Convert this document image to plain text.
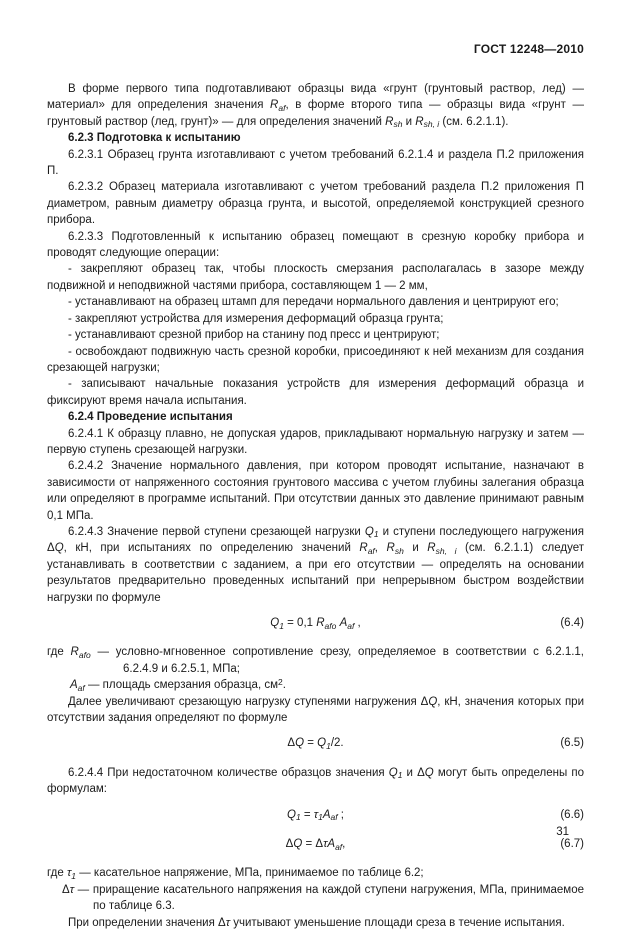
ГОСТ 12248—2010
В форме первого типа подготавливают образцы вида «грунт (грунтовый раствор, лед) — материал» для определения значения $R_{af}$, в форме второго типа — образцы вида «грунт — грунтовый раствор (лед, грунт)» — для определения значений $R_{sh}$ и $R_{sh, i}$ (см. 6.2.1.1).
6.2.3 Подготовка к испытанию
6.2.3.1 Образец грунта изготавливают с учетом требований 6.2.1.4 и раздела П.2 приложения П.
6.2.3.2 Образец материала изготавливают с учетом требований раздела П.2 приложения П диаметром, равным диаметру образца грунта, и высотой, определяемой конструкцией срезного прибора.
6.2.3.3 Подготовленный к испытанию образец помещают в срезную коробку прибора и проводят следующие операции:
- закрепляют образец так, чтобы плоскость смерзания располагалась в зазоре между подвижной и неподвижной частями прибора, составляющем 1 — 2 мм,
- устанавливают на образец штамп для передачи нормального давления и центрируют его;
- закрепляют устройства для измерения деформаций образца грунта;
- устанавливают срезной прибор на станину под пресс и центрируют;
- освобождают подвижную часть срезной коробки, присоединяют к ней механизм для создания срезающей нагрузки;
- записывают начальные показания устройств для измерения деформаций образца и фиксируют время начала испытания.
6.2.4 Проведение испытания
6.2.4.1 К образцу плавно, не допуская ударов, прикладывают нормальную нагрузку и затем — первую ступень срезающей нагрузки.
6.2.4.2 Значение нормального давления, при котором проводят испытание, назначают в зависимости от напряженного состояния грунтового массива с учетом глубины залегания образца или определяют в программе испытаний. При отсутствии данных это давление принимают равным 0,1 МПа.
6.2.4.3 Значение первой ступени срезающей нагрузки $Q_1$ и ступени последующего нагружения ΔQ, кН, при испытаниях по определению значений $R_{af}$, $R_{sh}$ и $R_{sh, i}$ (см. 6.2.1.1) следует устанавливать в соответствии с заданием, а при его отсутствии — определять на основании результатов предварительно проведенных испытаний при непрерывном быстром воздействии нагрузки по формуле
$Q_1 = 0,1$ $R_{afo}$ $A_{af}$ ,	(6.4)
где $R_{afo}$ — условно-мгновенное сопротивление срезу, определяемое в соответствии с 6.2.1.1, 6.2.4.9 и 6.2.5.1, МПа;
$A_{af}$ — площадь смерзания образца, $см^2$.
Далее увеличивают срезающую нагрузку ступенями нагружения ΔQ, кН, значения которых при отсутствии задания определяют по формуле
$\Delta Q = Q_1/2$.	(6.5)
6.2.4.4 При недостаточном количестве образцов значения $Q_1$ и ΔQ могут быть определены по формулам:
$Q_1 = \tau_1A_{af}$ ;	(6.6)
ΔQ = ΔτA$_{af}$,	(6.7)
где $\tau_1$ — касательное напряжение, МПа, принимаемое по таблице 6.2;
Δτ — приращение касательного напряжения на каждой ступени нагружения, МПа, принимаемое по таблице 6.3.
При определении значения Δτ учитывают уменьшение площади среза в течение испытания.
31
